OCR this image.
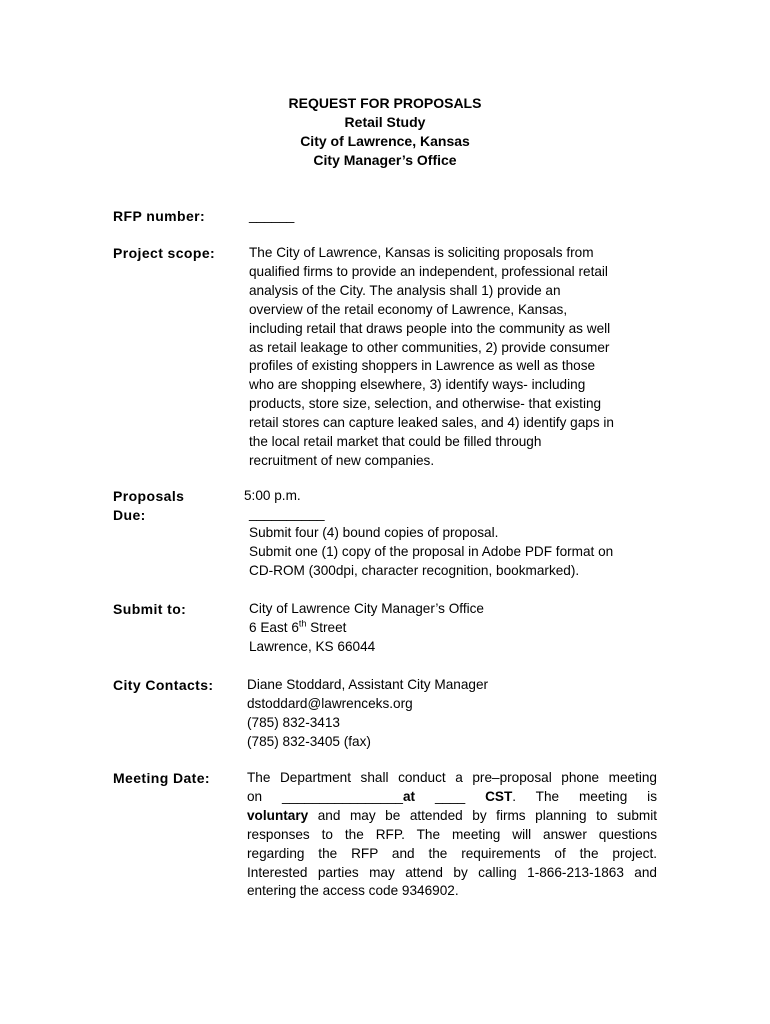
REQUEST FOR PROPOSALS
Retail Study
City of Lawrence, Kansas
City Manager’s Office
RFP number:	______
Project scope: The City of Lawrence, Kansas is soliciting proposals from
qualified firms to provide an independent, professional retail
analysis of the City. The analysis shall 1) provide an
overview of the retail economy of Lawrence, Kansas,
including retail that draws people into the community as well
as retail leakage to other communities, 2) provide consumer
profiles of existing shoppers in Lawrence as well as those
who are shopping elsewhere, 3) identify ways- including
products, store size, selection, and otherwise- that existing
retail stores can capture leaked sales, and 4) identify gaps in
the local retail market that could be filled through
recruitment of new companies.
Proposals
Due:
5:00 p.m.
__________
Submit four (4) bound copies of proposal.
Submit one (1) copy of the proposal in Adobe PDF format on
CD-ROM (300dpi, character recognition, bookmarked).
Submit to:	City of Lawrence City Manager’s Office
6 East 6th Street
Lawrence, KS 66044
City Contacts: Diane Stoddard, Assistant City Manager
dstoddard@lawrenceks.org
(785) 832-3413
(785) 832-3405 (fax)
Meeting Date:	The Department shall conduct a pre–proposal phone meeting
on ________________at ____ CST. The meeting is
voluntary and may be attended by firms planning to submit
responses to the RFP. The meeting will answer questions
regarding the RFP and the requirements of the project.
Interested parties may attend by calling 1-866-213-1863 and
entering the access code 9346902.
